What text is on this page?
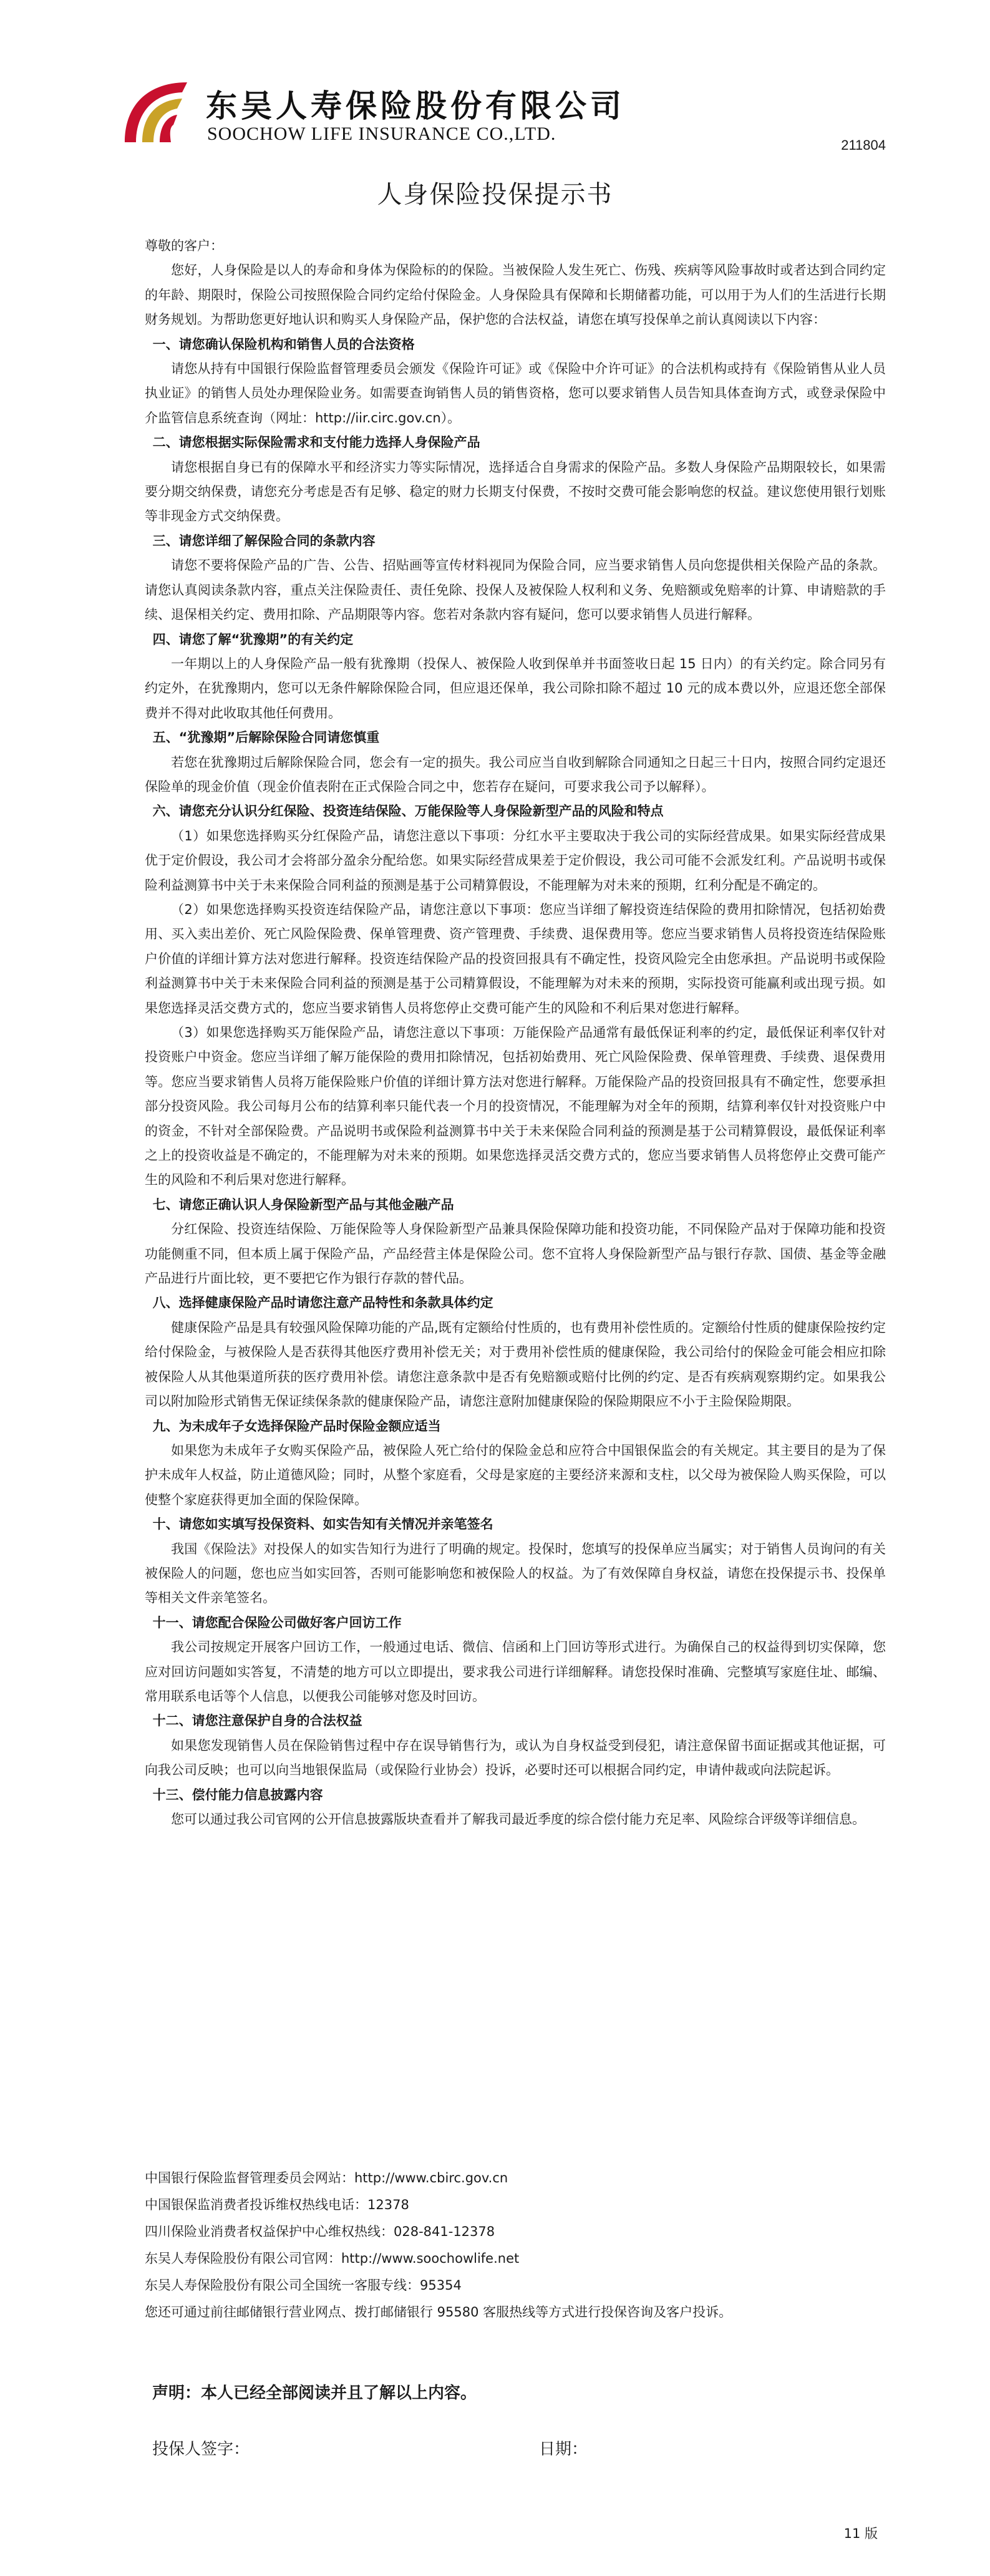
东吴人寿保险股份有限公司
SOOCHOW LIFE INSURANCE CO.,LTD.
211804
人身保险投保提示书

尊敬的客户：

您好，人身保险是以人的寿命和身体为保险标的的保险。当被保险人发生死亡、伤残、疾病等风险事故时或者达到合同约定的年龄、期限时，保险公司按照保险合同约定给付保险金。人身保险具有保障和长期储蓄功能，可以用于为人们的生活进行长期财务规划。为帮助您更好地认识和购买人身保险产品，保护您的合法权益，请您在填写投保单之前认真阅读以下内容：

一、请您确认保险机构和销售人员的合法资格

请您从持有中国银行保险监督管理委员会颁发《保险许可证》或《保险中介许可证》的合法机构或持有《保险销售从业人员执业证》的销售人员处办理保险业务。如需要查询销售人员的销售资格，您可以要求销售人员告知具体查询方式，或登录保险中介监管信息系统查询（网址：http://iir.circ.gov.cn）。

二、请您根据实际保险需求和支付能力选择人身保险产品

请您根据自身已有的保障水平和经济实力等实际情况，选择适合自身需求的保险产品。多数人身保险产品期限较长，如果需要分期交纳保费，请您充分考虑是否有足够、稳定的财力长期支付保费，不按时交费可能会影响您的权益。建议您使用银行划账等非现金方式交纳保费。

三、请您详细了解保险合同的条款内容

请您不要将保险产品的广告、公告、招贴画等宣传材料视同为保险合同，应当要求销售人员向您提供相关保险产品的条款。请您认真阅读条款内容，重点关注保险责任、责任免除、投保人及被保险人权利和义务、免赔额或免赔率的计算、申请赔款的手续、退保相关约定、费用扣除、产品期限等内容。您若对条款内容有疑问，您可以要求销售人员进行解释。

四、请您了解“犹豫期”的有关约定

一年期以上的人身保险产品一般有犹豫期（投保人、被保险人收到保单并书面签收日起 15 日内）的有关约定。除合同另有约定外，在犹豫期内，您可以无条件解除保险合同，但应退还保单，我公司除扣除不超过 10 元的成本费以外，应退还您全部保费并不得对此收取其他任何费用。

五、“犹豫期”后解除保险合同请您慎重

若您在犹豫期过后解除保险合同，您会有一定的损失。我公司应当自收到解除合同通知之日起三十日内，按照合同约定退还保险单的现金价值（现金价值表附在正式保险合同之中，您若存在疑问，可要求我公司予以解释）。

六、请您充分认识分红保险、投资连结保险、万能保险等人身保险新型产品的风险和特点

（1）如果您选择购买分红保险产品，请您注意以下事项：分红水平主要取决于我公司的实际经营成果。如果实际经营成果优于定价假设，我公司才会将部分盈余分配给您。如果实际经营成果差于定价假设，我公司可能不会派发红利。产品说明书或保险利益测算书中关于未来保险合同利益的预测是基于公司精算假设，不能理解为对未来的预期，红利分配是不确定的。

（2）如果您选择购买投资连结保险产品，请您注意以下事项：您应当详细了解投资连结保险的费用扣除情况，包括初始费用、买入卖出差价、死亡风险保险费、保单管理费、资产管理费、手续费、退保费用等。您应当要求销售人员将投资连结保险账户价值的详细计算方法对您进行解释。投资连结保险产品的投资回报具有不确定性，投资风险完全由您承担。产品说明书或保险利益测算书中关于未来保险合同利益的预测是基于公司精算假设，不能理解为对未来的预期，实际投资可能赢利或出现亏损。如果您选择灵活交费方式的，您应当要求销售人员将您停止交费可能产生的风险和不利后果对您进行解释。

（3）如果您选择购买万能保险产品，请您注意以下事项：万能保险产品通常有最低保证利率的约定，最低保证利率仅针对投资账户中资金。您应当详细了解万能保险的费用扣除情况，包括初始费用、死亡风险保险费、保单管理费、手续费、退保费用等。您应当要求销售人员将万能保险账户价值的详细计算方法对您进行解释。万能保险产品的投资回报具有不确定性，您要承担部分投资风险。我公司每月公布的结算利率只能代表一个月的投资情况，不能理解为对全年的预期，结算利率仅针对投资账户中的资金，不针对全部保险费。产品说明书或保险利益测算书中关于未来保险合同利益的预测是基于公司精算假设，最低保证利率之上的投资收益是不确定的，不能理解为对未来的预期。如果您选择灵活交费方式的，您应当要求销售人员将您停止交费可能产生的风险和不利后果对您进行解释。

七、请您正确认识人身保险新型产品与其他金融产品

分红保险、投资连结保险、万能保险等人身保险新型产品兼具保险保障功能和投资功能，不同保险产品对于保障功能和投资功能侧重不同，但本质上属于保险产品，产品经营主体是保险公司。您不宜将人身保险新型产品与银行存款、国债、基金等金融产品进行片面比较，更不要把它作为银行存款的替代品。

八、选择健康保险产品时请您注意产品特性和条款具体约定

健康保险产品是具有较强风险保障功能的产品,既有定额给付性质的，也有费用补偿性质的。定额给付性质的健康保险按约定给付保险金，与被保险人是否获得其他医疗费用补偿无关；对于费用补偿性质的健康保险，我公司给付的保险金可能会相应扣除被保险人从其他渠道所获的医疗费用补偿。请您注意条款中是否有免赔额或赔付比例的约定、是否有疾病观察期约定。如果我公司以附加险形式销售无保证续保条款的健康保险产品，请您注意附加健康保险的保险期限应不小于主险保险期限。

九、为未成年子女选择保险产品时保险金额应适当

如果您为未成年子女购买保险产品，被保险人死亡给付的保险金总和应符合中国银保监会的有关规定。其主要目的是为了保护未成年人权益，防止道德风险；同时，从整个家庭看，父母是家庭的主要经济来源和支柱，以父母为被保险人购买保险，可以使整个家庭获得更加全面的保险保障。

十、请您如实填写投保资料、如实告知有关情况并亲笔签名

我国《保险法》对投保人的如实告知行为进行了明确的规定。投保时，您填写的投保单应当属实；对于销售人员询问的有关被保险人的问题，您也应当如实回答，否则可能影响您和被保险人的权益。为了有效保障自身权益，请您在投保提示书、投保单等相关文件亲笔签名。

十一、请您配合保险公司做好客户回访工作

我公司按规定开展客户回访工作，一般通过电话、微信、信函和上门回访等形式进行。为确保自己的权益得到切实保障，您应对回访问题如实答复，不清楚的地方可以立即提出，要求我公司进行详细解释。请您投保时准确、完整填写家庭住址、邮编、常用联系电话等个人信息，以便我公司能够对您及时回访。

十二、请您注意保护自身的合法权益

如果您发现销售人员在保险销售过程中存在误导销售行为，或认为自身权益受到侵犯，请注意保留书面证据或其他证据，可向我公司反映；也可以向当地银保监局（或保险行业协会）投诉，必要时还可以根据合同约定，申请仲裁或向法院起诉。

十三、偿付能力信息披露内容

您可以通过我公司官网的公开信息披露版块查看并了解我司最近季度的综合偿付能力充足率、风险综合评级等详细信息。

中国银行保险监督管理委员会网站：http://www.cbirc.gov.cn
中国银保监消费者投诉维权热线电话：12378
四川保险业消费者权益保护中心维权热线：028-841-12378
东吴人寿保险股份有限公司官网：http://www.soochowlife.net
东吴人寿保险股份有限公司全国统一客服专线：95354
您还可通过前往邮储银行营业网点、拨打邮储银行 95580 客服热线等方式进行投保咨询及客户投诉。
声明：本人已经全部阅读并且了解以上内容。
投保人签字：	日期：
11 版
